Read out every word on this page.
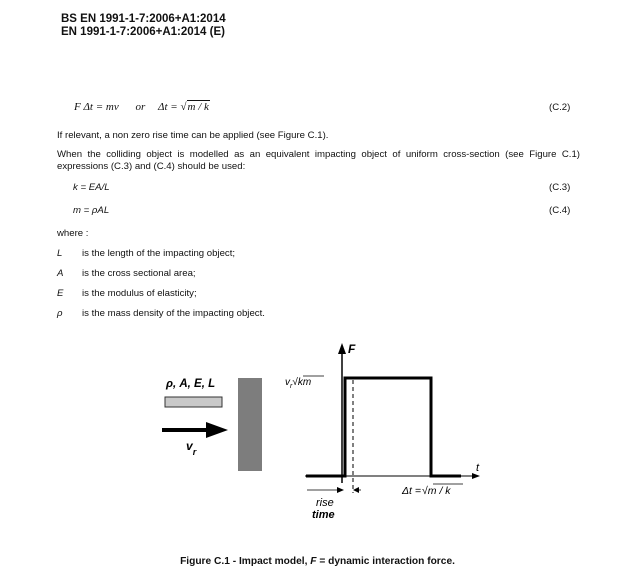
BS EN 1991-1-7:2006+A1:2014
EN 1991-1-7:2006+A1:2014 (E)
F Δt = mv or Δt = √m / k	(C.2)
If relevant, a non zero rise time can be applied (see Figure C.1).
When the colliding object is modelled as an equivalent impacting object of uniform cross-section (see Figure C.1) expressions (C.3) and (C.4) should be used:
k = EA/L	(C.3)
m = ρAL	(C.4)
where :
L is the length of the impacting object;
A is the cross sectional area;
E is the modulus of elasticity;
ρ is the mass density of the impacting object.
ρ, A, E, L
$v_r$
F
t
$v_r√km$
rise
time
Δt =√m / k
Figure C.1 - Impact model, F = dynamic interaction force.
